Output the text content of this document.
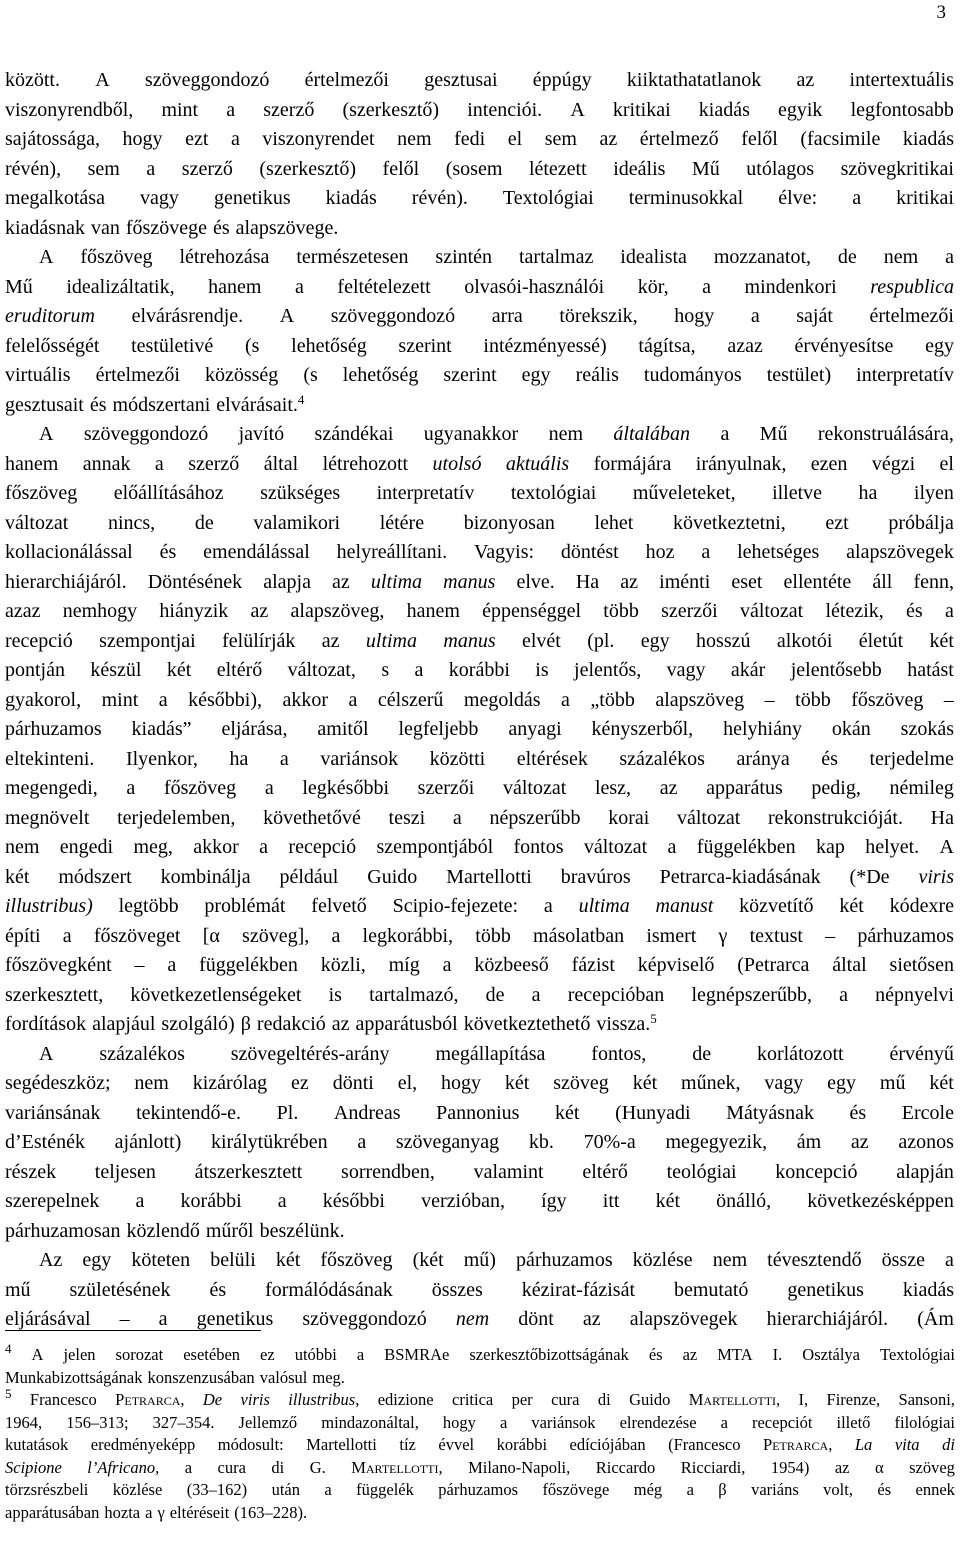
3
között. A szöveggondozó értelmezői gesztusai éppúgy kiiktathatatlanok az intertextuális
viszonyrendből, mint a szerző (szerkesztő) intenciói. A kritikai kiadás egyik legfontosabb
sajátossága, hogy ezt a viszonyrendet nem fedi el sem az értelmező felől (facsimile kiadás
révén), sem a szerző (szerkesztő) felől (sosem létezett ideális Mű utólagos szövegkritikai
megalkotása vagy genetikus kiadás révén). Textológiai terminusokkal élve: a kritikai
kiadásnak van főszövege és alapszövege.
A főszöveg létrehozása természetesen szintén tartalmaz idealista mozzanatot, de nem a
Mű idealizáltatik, hanem a feltételezett olvasói-használói kör, a mindenkori respublica
eruditorum elvárásrendje. A szöveggondozó arra törekszik, hogy a saját értelmezői
felelősségét testületivé (s lehetőség szerint intézményessé) tágítsa, azaz érvényesítse egy
virtuális értelmezői közösség (s lehetőség szerint egy reális tudományos testület) interpretatív
gesztusait és módszertani elvárásait.$^4$
A szöveggondozó javító szándékai ugyanakkor nem általában a Mű rekonstruálására,
hanem annak a szerző által létrehozott utolsó aktuális formájára irányulnak, ezen végzi el
főszöveg előállításához szükséges interpretatív textológiai műveleteket, illetve ha ilyen
változat nincs, de valamikori létére bizonyosan lehet következtetni, ezt próbálja
kollacionálással és emendálással helyreállítani. Vagyis: döntést hoz a lehetséges alapszövegek
hierarchiájáról. Döntésének alapja az ultima manus elve. Ha az iménti eset ellentéte áll fenn,
azaz nemhogy hiányzik az alapszöveg, hanem éppenséggel több szerzői változat létezik, és a
recepció szempontjai felülírják az ultima manus elvét (pl. egy hosszú alkotói életút két
pontján készül két eltérő változat, s a korábbi is jelentős, vagy akár jelentősebb hatást
gyakorol, mint a későbbi), akkor a célszerű megoldás a „több alapszöveg – több főszöveg –
párhuzamos kiadás” eljárása, amitől legfeljebb anyagi kényszerből, helyhiány okán szokás
eltekinteni. Ilyenkor, ha a variánsok közötti eltérések százalékos aránya és terjedelme
megengedi, a főszöveg a legkésőbbi szerzői változat lesz, az apparátus pedig, némileg
megnövelt terjedelemben, követhetővé teszi a népszerűbb korai változat rekonstrukcióját. Ha
nem engedi meg, akkor a recepció szempontjából fontos változat a függelékben kap helyet. A
két módszert kombinálja például Guido Martellotti bravúros Petrarca-kiadásának (*De viris
illustribus) legtöbb problémát felvető Scipio-fejezete: a ultima manust közvetítő két kódexre
építi a főszöveget [α szöveg], a legkorábbi, több másolatban ismert γ textust – párhuzamos
főszövegként – a függelékben közli, míg a közbeeső fázist képviselő (Petrarca által sietősen
szerkesztett, következetlenségeket is tartalmazó, de a recepcióban legnépszerűbb, a népnyelvi
fordítások alapjául szolgáló) β redakció az apparátusból következtethető vissza.$^5$
A százalékos szövegeltérés-arány megállapítása fontos, de korlátozott érvényű
segédeszköz; nem kizárólag ez dönti el, hogy két szöveg két műnek, vagy egy mű két
variánsának tekintendő-e. Pl. Andreas Pannonius két (Hunyadi Mátyásnak és Ercole
d’Esténék ajánlott) királytükrében a szöveganyag kb. 70%-a megegyezik, ám az azonos
részek teljesen átszerkesztett sorrendben, valamint eltérő teológiai koncepció alapján
szerepelnek a korábbi a későbbi verzióban, így itt két önálló, következésképpen
párhuzamosan közlendő műről beszélünk.
Az egy köteten belüli két főszöveg (két mű) párhuzamos közlése nem tévesztendő össze a
mű születésének és formálódásának összes kézirat-fázisát bemutató genetikus kiadás
eljárásával – a genetikus szöveggondozó nem dönt az alapszövegek hierarchiájáról. (Ám
$^4$ A jelen sorozat esetében ez utóbbi a BSMRAe szerkesztőbizottságának és az MTA I. Osztálya Textológiai
Munkabizottságának konszenzusában valósul meg.
$^5$ Francesco Petrarca, De viris illustribus, edizione critica per cura di Guido Martellotti, I, Firenze, Sansoni,
1964, 156–313; 327–354. Jellemző mindazonáltal, hogy a variánsok elrendezése a recepciót illető filológiai
kutatások eredményeképp módosult: Martellotti tíz évvel korábbi edíciójában (Francesco Petrarca, La vita di
Scipione l’Africano, a cura di G. Martellotti, Milano-Napoli, Riccardo Ricciardi, 1954) az α szöveg
törzsrészbeli közlése (33–162) után a függelék párhuzamos főszövege még a β variáns volt, és ennek
apparátusában hozta a γ eltéréseit (163–228).
